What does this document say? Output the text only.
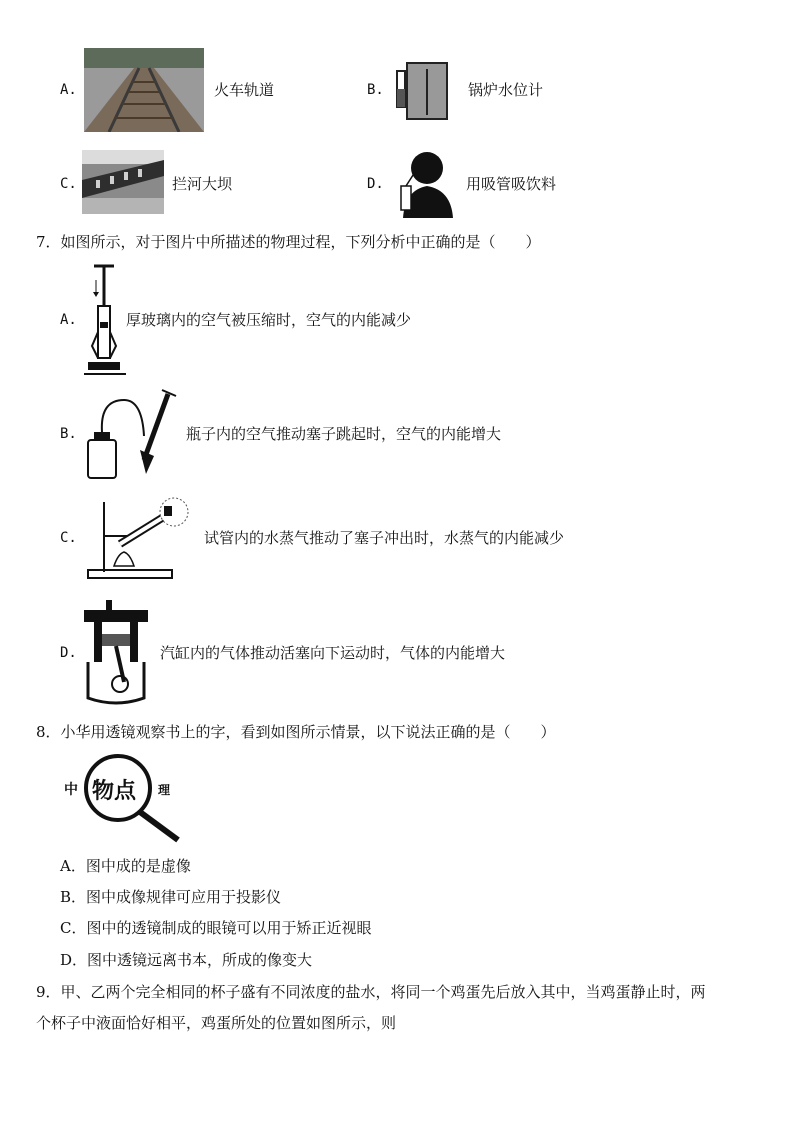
A.	火车轨道	B.	锅炉水位计
C.	拦河大坝	D.	用吸管吸饮料
7．如图所示，对于图片中所描述的物理过程，下列分析中正确的是（　　）
A.	厚玻璃内的空气被压缩时，空气的内能减少
B.	瓶子内的空气推动塞子跳起时，空气的内能增大
C.	试管内的水蒸气推动了塞子冲出时，水蒸气的内能减少
D.	汽缸内的气体推动活塞向下运动时，气体的内能增大
8．小华用透镜观察书上的字，看到如图所示情景，以下说法正确的是（　　）
中 物点 理
A．图中成的是虚像
B．图中成像规律可应用于投影仪
C．图中的透镜制成的眼镜可以用于矫正近视眼
D．图中透镜远离书本，所成的像变大
9．甲、乙两个完全相同的杯子盛有不同浓度的盐水，将同一个鸡蛋先后放入其中，当鸡蛋静止时，两
个杯子中液面恰好相平，鸡蛋所处的位置如图所示，则
